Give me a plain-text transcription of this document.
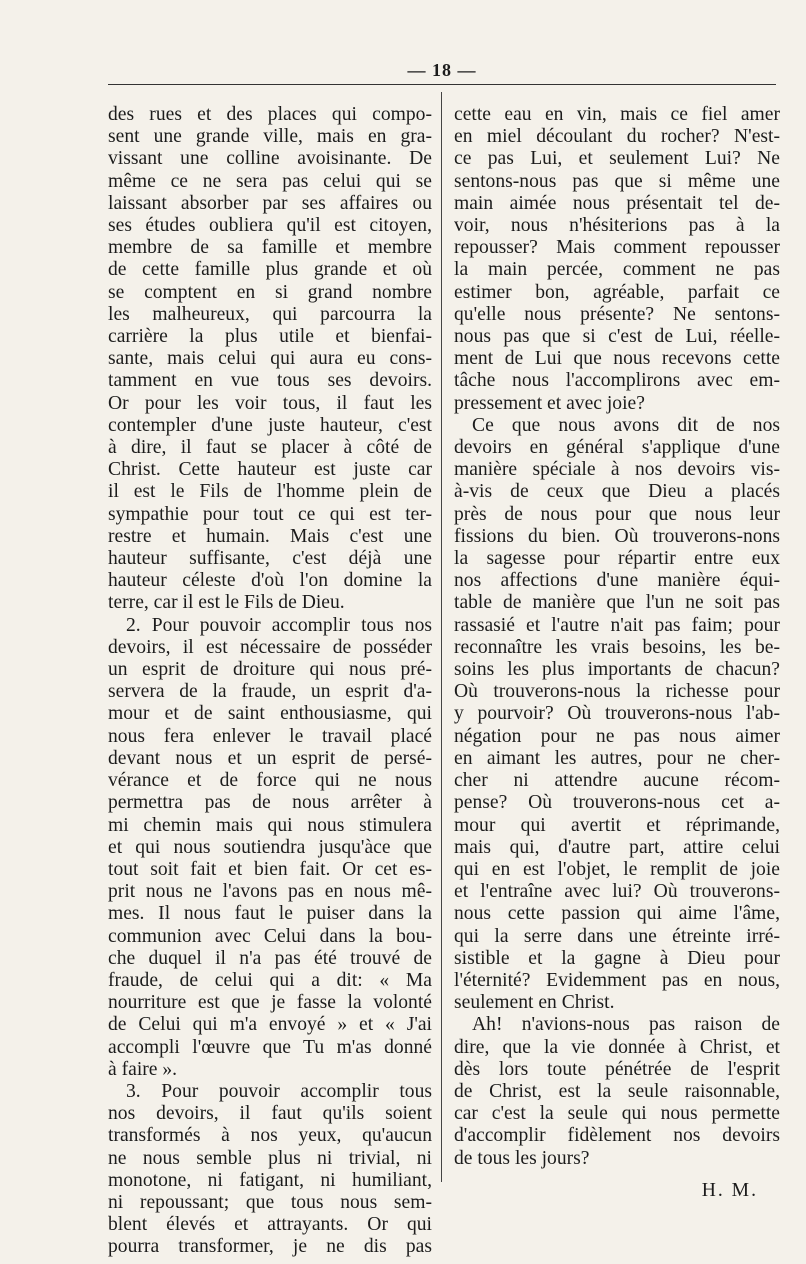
— 18 —
des rues et des places qui compo-
sent une grande ville, mais en gra-
vissant une colline avoisinante. De
même ce ne sera pas celui qui se
laissant absorber par ses affaires ou
ses études oubliera qu'il est citoyen,
membre de sa famille et membre
de cette famille plus grande et où
se comptent en si grand nombre
les malheureux, qui parcourra la
carrière la plus utile et bienfai-
sante, mais celui qui aura eu cons-
tamment en vue tous ses devoirs.
Or pour les voir tous, il faut les
contempler d'une juste hauteur, c'est
à dire, il faut se placer à côté de
Christ. Cette hauteur est juste car
il est le Fils de l'homme plein de
sympathie pour tout ce qui est ter-
restre et humain. Mais c'est une
hauteur suffisante, c'est déjà une
hauteur céleste d'où l'on domine la
terre, car il est le Fils de Dieu.
2. Pour pouvoir accomplir tous nos
devoirs, il est nécessaire de posséder
un esprit de droiture qui nous pré-
servera de la fraude, un esprit d'a-
mour et de saint enthousiasme, qui
nous fera enlever le travail placé
devant nous et un esprit de persé-
vérance et de force qui ne nous
permettra pas de nous arrêter à
mi chemin mais qui nous stimulera
et qui nous soutiendra jusqu'àce que
tout soit fait et bien fait. Or cet es-
prit nous ne l'avons pas en nous mê-
mes. Il nous faut le puiser dans la
communion avec Celui dans la bou-
che duquel il n'a pas été trouvé de
fraude, de celui qui a dit: « Ma
nourriture est que je fasse la volonté
de Celui qui m'a envoyé » et « J'ai
accompli l'œuvre que Tu m'as donné
à faire ».
3. Pour pouvoir accomplir tous
nos devoirs, il faut qu'ils soient
transformés à nos yeux, qu'aucun
ne nous semble plus ni trivial, ni
monotone, ni fatigant, ni humiliant,
ni repoussant; que tous nous sem-
blent élevés et attrayants. Or qui
pourra transformer, je ne dis pas
cette eau en vin, mais ce fiel amer
en miel découlant du rocher? N'est-
ce pas Lui, et seulement Lui? Ne
sentons-nous pas que si même une
main aimée nous présentait tel de-
voir, nous n'hésiterions pas à la
repousser? Mais comment repousser
la main percée, comment ne pas
estimer bon, agréable, parfait ce
qu'elle nous présente? Ne sentons-
nous pas que si c'est de Lui, réelle-
ment de Lui que nous recevons cette
tâche nous l'accomplirons avec em-
pressement et avec joie?
Ce que nous avons dit de nos
devoirs en général s'applique d'une
manière spéciale à nos devoirs vis-
à-vis de ceux que Dieu a placés
près de nous pour que nous leur
fissions du bien. Où trouverons-nons
la sagesse pour répartir entre eux
nos affections d'une manière équi-
table de manière que l'un ne soit pas
rassasié et l'autre n'ait pas faim; pour
reconnaître les vrais besoins, les be-
soins les plus importants de chacun?
Où trouverons-nous la richesse pour
y pourvoir? Où trouverons-nous l'ab-
négation pour ne pas nous aimer
en aimant les autres, pour ne cher-
cher ni attendre aucune récom-
pense? Où trouverons-nous cet a-
mour qui avertit et réprimande,
mais qui, d'autre part, attire celui
qui en est l'objet, le remplit de joie
et l'entraîne avec lui? Où trouverons-
nous cette passion qui aime l'âme,
qui la serre dans une étreinte irré-
sistible et la gagne à Dieu pour
l'éternité? Evidemment pas en nous,
seulement en Christ.
Ah! n'avions-nous pas raison de
dire, que la vie donnée à Christ, et
dès lors toute pénétrée de l'esprit
de Christ, est la seule raisonnable,
car c'est la seule qui nous permette
d'accomplir fidèlement nos devoirs
de tous les jours?

H. M.
